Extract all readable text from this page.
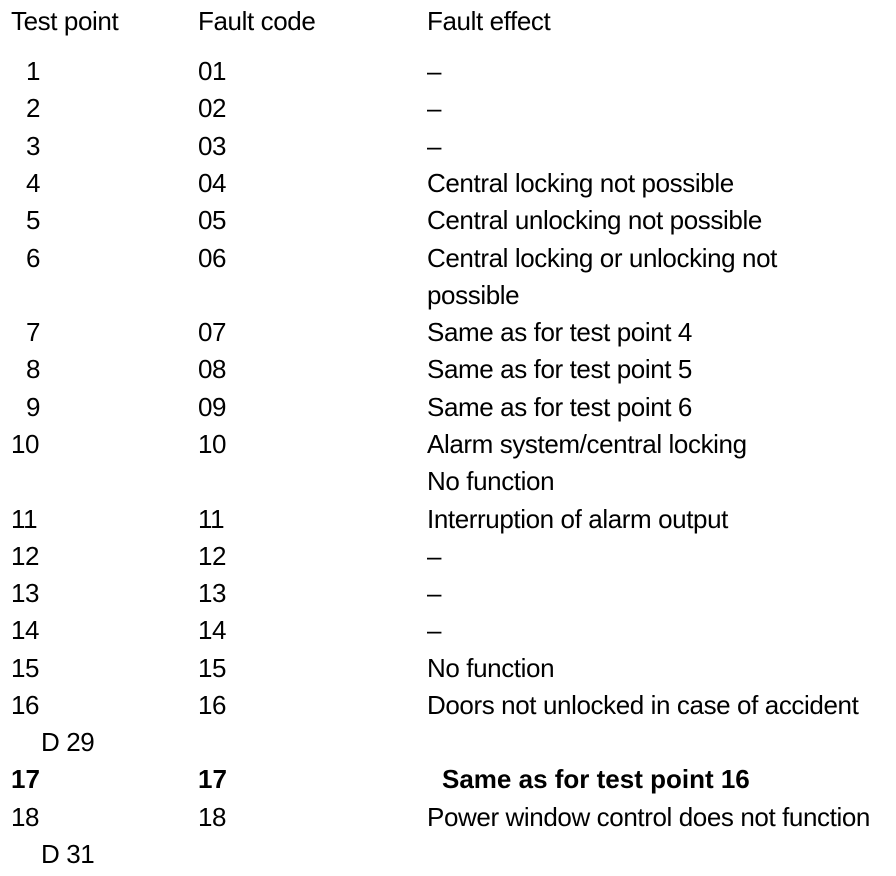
Test point	Fault code	Fault effect
1	01	–
2	02	–
3	03	–
4	04	Central locking not possible
5	05	Central unlocking not possible
6	06	Central locking or unlocking not
possible
7	07	Same as for test point 4
8	08	Same as for test point 5
9	09	Same as for test point 6
10	10	Alarm system/central locking
No function
11	11	Interruption of alarm output
12	12	–
13	13	–
14	14	–
15	15	No function
16	16	Doors not unlocked in case of accident
D 29
17	17	Same as for test point 16
18	18	Power window control does not function
D 31
